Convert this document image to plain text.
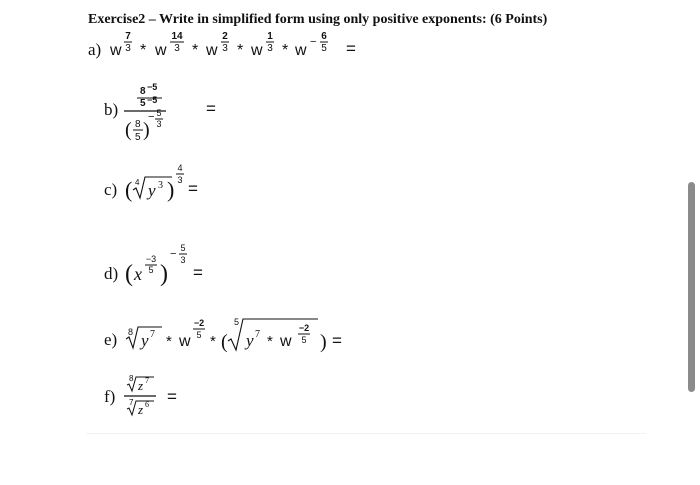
Exercise2 – Write in simplified form using only positive exponents: (6 Points)
a) w
7
3 * w
14
3 * w
2
3 * w
1
3 * w − 6
5 =
b)
8 −5
5 −5
( 8
5 )
− 5
3
=
c) ( 4 y 3 )
4
3 =
d) ( x
−3
5 )
− 5
3
=
e) 8 y 7 * w
−2
5 * (
5
y 7 * w
−2
5 ) =
f)
8 z 7
7 z 6 =
